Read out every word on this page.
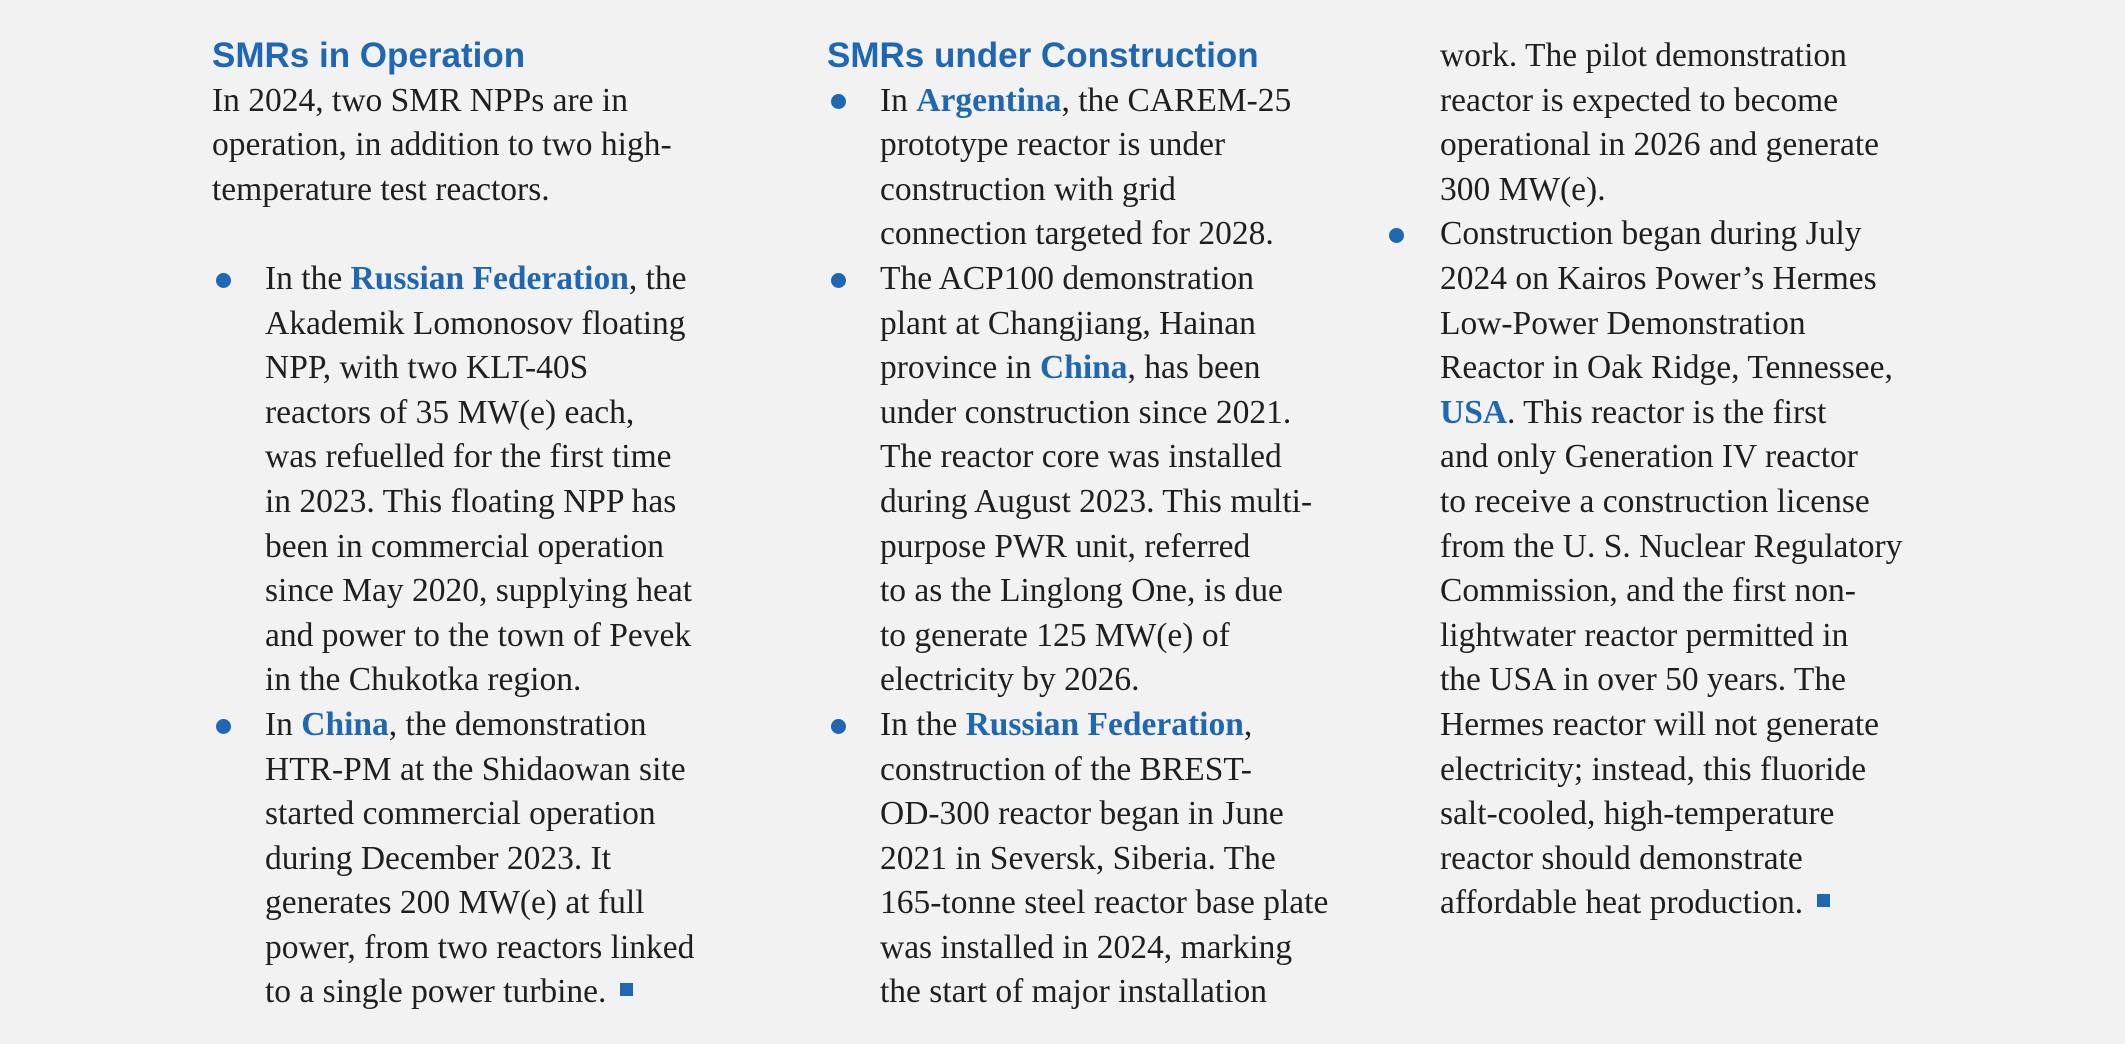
SMRs in Operation
In 2024, two SMR NPPs are in
operation, in addition to two high-
temperature test reactors.
In the Russian Federation, the
Akademik Lomonosov floating
NPP, with two KLT-40S
reactors of 35 MW(e) each,
was refuelled for the first time
in 2023. This floating NPP has
been in commercial operation
since May 2020, supplying heat
and power to the town of Pevek
in the Chukotka region.
In China, the demonstration
HTR-PM at the Shidaowan site
started commercial operation
during December 2023. It
generates 200 MW(e) at full
power, from two reactors linked
to a single power turbine.
SMRs under Construction
In Argentina, the CAREM-25
prototype reactor is under
construction with grid
connection targeted for 2028.
The ACP100 demonstration
plant at Changjiang, Hainan
province in China, has been
under construction since 2021.
The reactor core was installed
during August 2023. This multi-
purpose PWR unit, referred
to as the Linglong One, is due
to generate 125 MW(e) of
electricity by 2026.
In the Russian Federation,
construction of the BREST-
OD-300 reactor began in June
2021 in Seversk, Siberia. The
165-tonne steel reactor base plate
was installed in 2024, marking
the start of major installation
work. The pilot demonstration
reactor is expected to become
operational in 2026 and generate
300 MW(e).
Construction began during July
2024 on Kairos Power’s Hermes
Low-Power Demonstration
Reactor in Oak Ridge, Tennessee,
USA. This reactor is the first
and only Generation IV reactor
to receive a construction license
from the U. S. Nuclear Regulatory
Commission, and the first non-
lightwater reactor permitted in
the USA in over 50 years. The
Hermes reactor will not generate
electricity; instead, this fluoride
salt-cooled, high-temperature
reactor should demonstrate
affordable heat production.
